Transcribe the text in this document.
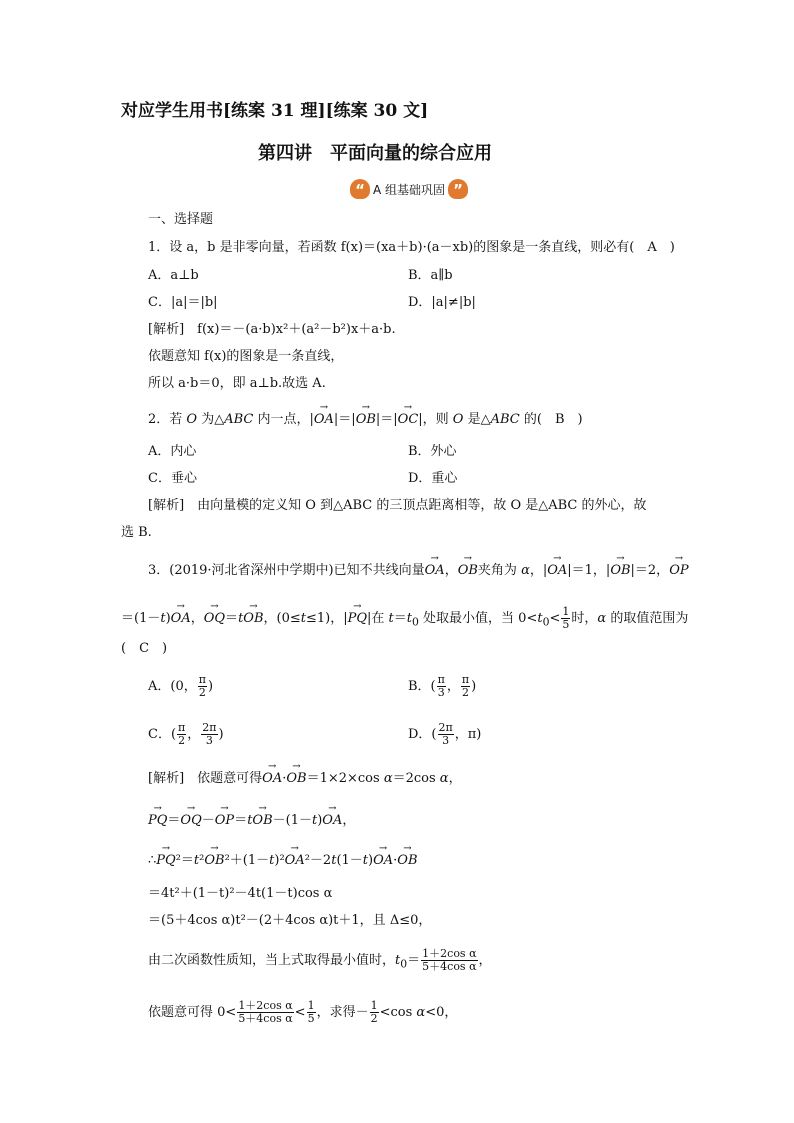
对应学生用书[练案 31 理][练案 30 文]
第四讲　平面向量的综合应用
“ A 组基础巩固 ”
一、选择题
1．设 a，b 是非零向量，若函数 f(x)＝(xa＋b)·(a－xb)的图象是一条直线，则必有(　A　)
A．a⊥b	B．a∥b
C．|a|＝|b|	D．|a|≠|b|
[解析]　f(x)＝－(a·b)x²＋(a²－b²)x＋a·b.
依题意知 f(x)的图象是一条直线，
所以 a·b＝0，即 a⊥b.故选 A.
2．若 O 为△ABC 内一点，|→ OA|＝|→ OB|＝|→ OC|，则 O 是△ABC 的(　B　)
A．内心	B．外心
C．垂心	D．重心
[解析]　由向量模的定义知 O 到△ABC 的三顶点距离相等，故 O 是△ABC 的外心，故
选 B.
3．(2019·河北省深州中学期中)已知不共线向量→ OA，→ OB夹角为 α，|→ OA|＝1，|→ OB|＝2，→ OP
＝(1－t)→ OA，→ OQ＝t→ OB，(0≤t≤1)，|→ PQ|在 $t=t_0$ 处取最小值，当 $0<t_0< \frac{1}{5}$ 时，α 的取值范围为
(　C　)
A．(0， $\frac{\pi}{2}$ )	B．( $\frac{\pi}{3}$ ， $\frac{\pi}{2}$ )
C．( $\frac{\pi}{2}$ ， $\frac{2\pi}{3}$ )	D．( $\frac{2\pi}{3}$ ，π)
[解析]　依题意可得→ OA·→ OB＝1×2×cos α＝2cos α，
→ PQ＝→ OQ－→ OP＝t→ OB－(1－t)→ OA，
∴→ PQ²＝t²→ OB²＋(1－t)²→ OA²－2t(1－t)→ OA·→ OB
＝4t²＋(1－t)²－4t(1－t)cos α
＝(5＋4cos α)t²－(2＋4cos α)t＋1，且 Δ≤0，
由二次函数性质知，当上式取得最小值时，$t_0= \frac{\text{1＋2cos α}}{\text{5＋4cos α}}$ ，
依题意可得 $0< \frac{\text{1＋2cos α}}{\text{5＋4cos α}} < \frac{1}{5}$ ，求得－ $\frac{1}{2} <\cos$ α<0，
